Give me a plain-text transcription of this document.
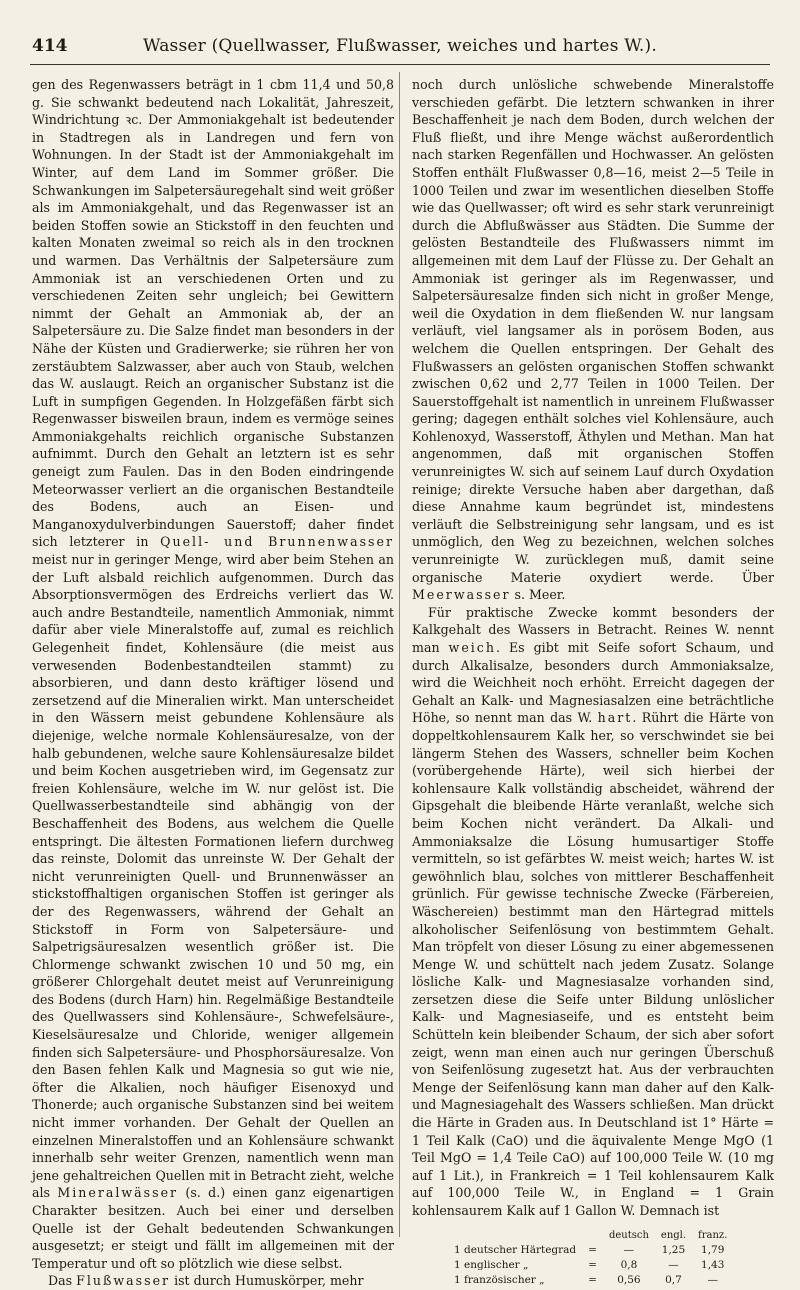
414	Wasser (Quellwasser, Flußwasser, weiches und hartes W.).

gen des Regenwassers beträgt in 1 cbm 11,4 und 50,8 g. Sie schwankt bedeutend nach Lokalität, Jahreszeit, Windrichtung ꝛc. Der Ammoniakgehalt ist bedeutender in Stadtregen als in Landregen und fern von Wohnungen. In der Stadt ist der Ammoniakgehalt im Winter, auf dem Land im Sommer größer. Die Schwankungen im Salpetersäuregehalt sind weit größer als im Ammoniakgehalt, und das Regenwasser ist an beiden Stoffen sowie an Stickstoff in den feuchten und kalten Monaten zweimal so reich als in den trocknen und warmen. Das Verhältnis der Salpetersäure zum Ammoniak ist an verschiedenen Orten und zu verschiedenen Zeiten sehr ungleich; bei Gewittern nimmt der Gehalt an Ammoniak ab, der an Salpetersäure zu. Die Salze findet man besonders in der Nähe der Küsten und Gradierwerke; sie rühren her von zerstäubtem Salzwasser, aber auch von Staub, welchen das W. auslaugt. Reich an organischer Substanz ist die Luft in sumpfigen Gegenden. In Holzgefäßen färbt sich Regenwasser bisweilen braun, indem es vermöge seines Ammoniakgehalts reichlich organische Substanzen aufnimmt. Durch den Gehalt an letztern ist es sehr geneigt zum Faulen. Das in den Boden eindringende Meteorwasser verliert an die organischen Bestandteile des Bodens, auch an Eisen- und Manganoxydulverbindungen Sauerstoff; daher findet sich letzterer in Quell- und Brunnenwasser meist nur in geringer Menge, wird aber beim Stehen an der Luft alsbald reichlich aufgenommen. Durch das Absorptionsvermögen des Erdreichs verliert das W. auch andre Bestandteile, namentlich Ammoniak, nimmt dafür aber viele Mineralstoffe auf, zumal es reichlich Gelegenheit findet, Kohlensäure (die meist aus verwesenden Bodenbestandteilen stammt) zu absorbieren, und dann desto kräftiger lösend und zersetzend auf die Mineralien wirkt. Man unterscheidet in den Wässern meist gebundene Kohlensäure als diejenige, welche normale Kohlensäuresalze, von der halb gebundenen, welche saure Kohlensäuresalze bildet und beim Kochen ausgetrieben wird, im Gegensatz zur freien Kohlensäure, welche im W. nur gelöst ist. Die Quellwasserbestandteile sind abhängig von der Beschaffenheit des Bodens, aus welchem die Quelle entspringt. Die ältesten Formationen liefern durchweg das reinste, Dolomit das unreinste W. Der Gehalt der nicht verunreinigten Quell- und Brunnenwässer an stickstoffhaltigen organischen Stoffen ist geringer als der des Regenwassers, während der Gehalt an Stickstoff in Form von Salpetersäure- und Salpetrigsäuresalzen wesentlich größer ist. Die Chlormenge schwankt zwischen 10 und 50 mg, ein größerer Chlorgehalt deutet meist auf Verunreinigung des Bodens (durch Harn) hin. Regelmäßige Bestandteile des Quellwassers sind Kohlensäure-, Schwefelsäure-, Kieselsäuresalze und Chloride, weniger allgemein finden sich Salpetersäure- und Phosphorsäuresalze. Von den Basen fehlen Kalk und Magnesia so gut wie nie, öfter die Alkalien, noch häufiger Eisenoxyd und Thonerde; auch organische Substanzen sind bei weitem nicht immer vorhanden. Der Gehalt der Quellen an einzelnen Mineralstoffen und an Kohlensäure schwankt innerhalb sehr weiter Grenzen, namentlich wenn man jene gehaltreichen Quellen mit in Betracht zieht, welche als Mineralwässer (s. d.) einen ganz eigenartigen Charakter besitzen. Auch bei einer und derselben Quelle ist der Gehalt bedeutenden Schwankungen ausgesetzt; er steigt und fällt im allgemeinen mit der Temperatur und oft so plötzlich wie diese selbst.

Das Flußwasser ist durch Humuskörper, mehr

noch durch unlösliche schwebende Mineralstoffe verschieden gefärbt. Die letztern schwanken in ihrer Beschaffenheit je nach dem Boden, durch welchen der Fluß fließt, und ihre Menge wächst außerordentlich nach starken Regenfällen und Hochwasser. An gelösten Stoffen enthält Flußwasser 0,8—16, meist 2—5 Teile in 1000 Teilen und zwar im wesentlichen dieselben Stoffe wie das Quellwasser; oft wird es sehr stark verunreinigt durch die Abflußwässer aus Städten. Die Summe der gelösten Bestandteile des Flußwassers nimmt im allgemeinen mit dem Lauf der Flüsse zu. Der Gehalt an Ammoniak ist geringer als im Regenwasser, und Salpetersäuresalze finden sich nicht in großer Menge, weil die Oxydation in dem fließenden W. nur langsam verläuft, viel langsamer als in porösem Boden, aus welchem die Quellen entspringen. Der Gehalt des Flußwassers an gelösten organischen Stoffen schwankt zwischen 0,62 und 2,77 Teilen in 1000 Teilen. Der Sauerstoffgehalt ist namentlich in unreinem Flußwasser gering; dagegen enthält solches viel Kohlensäure, auch Kohlenoxyd, Wasserstoff, Äthylen und Methan. Man hat angenommen, daß mit organischen Stoffen verunreinigtes W. sich auf seinem Lauf durch Oxydation reinige; direkte Versuche haben aber dargethan, daß diese Annahme kaum begründet ist, mindestens verläuft die Selbstreinigung sehr langsam, und es ist unmöglich, den Weg zu bezeichnen, welchen solches verunreinigte W. zurücklegen muß, damit seine organische Materie oxydiert werde. Über Meerwasser s. Meer.

Für praktische Zwecke kommt besonders der Kalkgehalt des Wassers in Betracht. Reines W. nennt man weich. Es gibt mit Seife sofort Schaum, und durch Alkalisalze, besonders durch Ammoniaksalze, wird die Weichheit noch erhöht. Erreicht dagegen der Gehalt an Kalk- und Magnesiasalzen eine beträchtliche Höhe, so nennt man das W. hart. Rührt die Härte von doppeltkohlensaurem Kalk her, so verschwindet sie bei längerm Stehen des Wassers, schneller beim Kochen (vorübergehende Härte), weil sich hierbei der kohlensaure Kalk vollständig abscheidet, während der Gipsgehalt die bleibende Härte veranlaßt, welche sich beim Kochen nicht verändert. Da Alkali- und Ammoniaksalze die Lösung humusartiger Stoffe vermitteln, so ist gefärbtes W. meist weich; hartes W. ist gewöhnlich blau, solches von mittlerer Beschaffenheit grünlich. Für gewisse technische Zwecke (Färbereien, Wäschereien) bestimmt man den Härtegrad mittels alkoholischer Seifenlösung von bestimmtem Gehalt. Man tröpfelt von dieser Lösung zu einer abgemessenen Menge W. und schüttelt nach jedem Zusatz. Solange lösliche Kalk- und Magnesiasalze vorhanden sind, zersetzen diese die Seife unter Bildung unlöslicher Kalk- und Magnesiaseife, und es entsteht beim Schütteln kein bleibender Schaum, der sich aber sofort zeigt, wenn man einen auch nur geringen Überschuß von Seifenlösung zugesetzt hat. Aus der verbrauchten Menge der Seifenlösung kann man daher auf den Kalk- und Magnesiagehalt des Wassers schließen. Man drückt die Härte in Graden aus. In Deutschland ist 1° Härte = 1 Teil Kalk (CaO) und die äquivalente Menge MgO (1 Teil MgO = 1,4 Teile CaO) auf 100,000 Teile W. (10 mg auf 1 Lit.), in Frankreich = 1 Teil kohlensaurem Kalk auf 100,000 Teile W., in England = 1 Grain kohlensaurem Kalk auf 1 Gallon W. Demnach ist

		deutsch	engl.	franz.
1 deutscher Härtegrad	=	—	1,25	1,79
1 englischer „	=	0,8	—	1,43
1 französischer „	=	0,56	0,7	—
